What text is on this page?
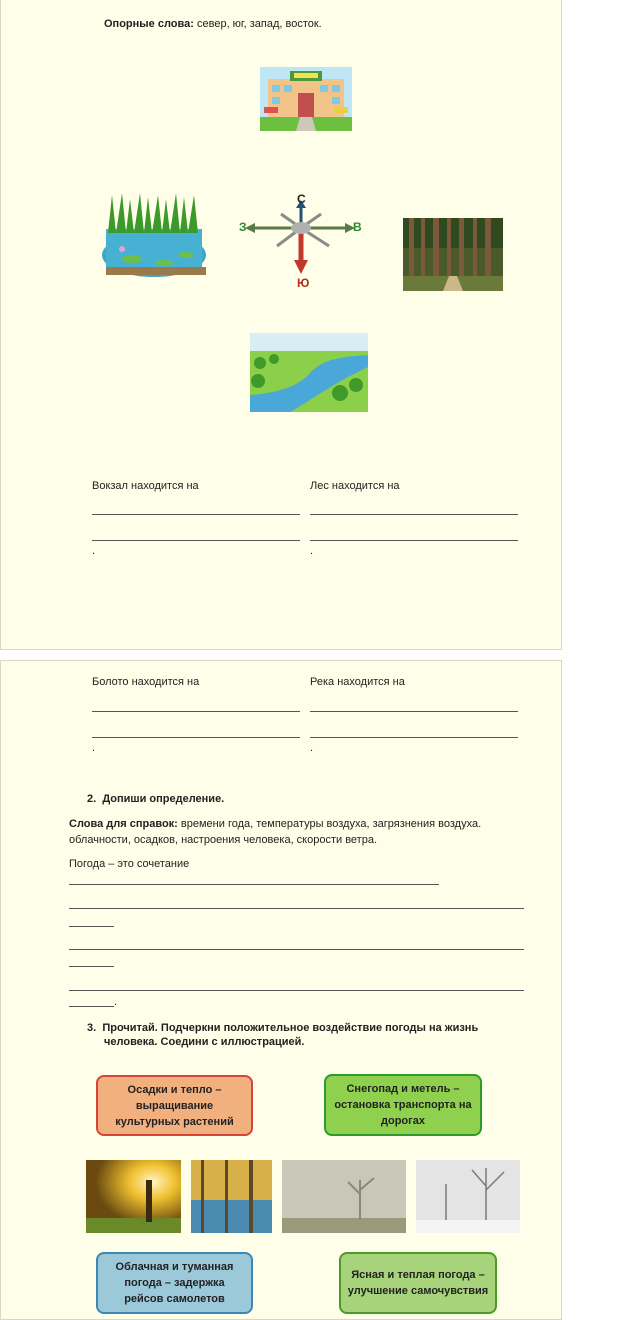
Опорные слова: север, юг, запад, восток.
С
Ю
З	В
Вокзал находится на	Лес находится на
.	.
Болото находится на	Река находится на
.	.
2. Допиши определение.
Слова для справок: времени года, температуры воздуха, загрязнения воздуха.
облачности, осадков, настроения человека, скорости ветра.
Погода – это сочетание
.
3. Прочитай. Подчеркни положительное воздействие погоды на жизнь
человека. Соедини с иллюстрацией.
Осадки и тепло – выращивание культурных растений
Снегопад и метель – остановка транспорта на дорогах
Облачная и туманная погода – задержка рейсов самолетов
Ясная и теплая погода – улучшение самочувствия
